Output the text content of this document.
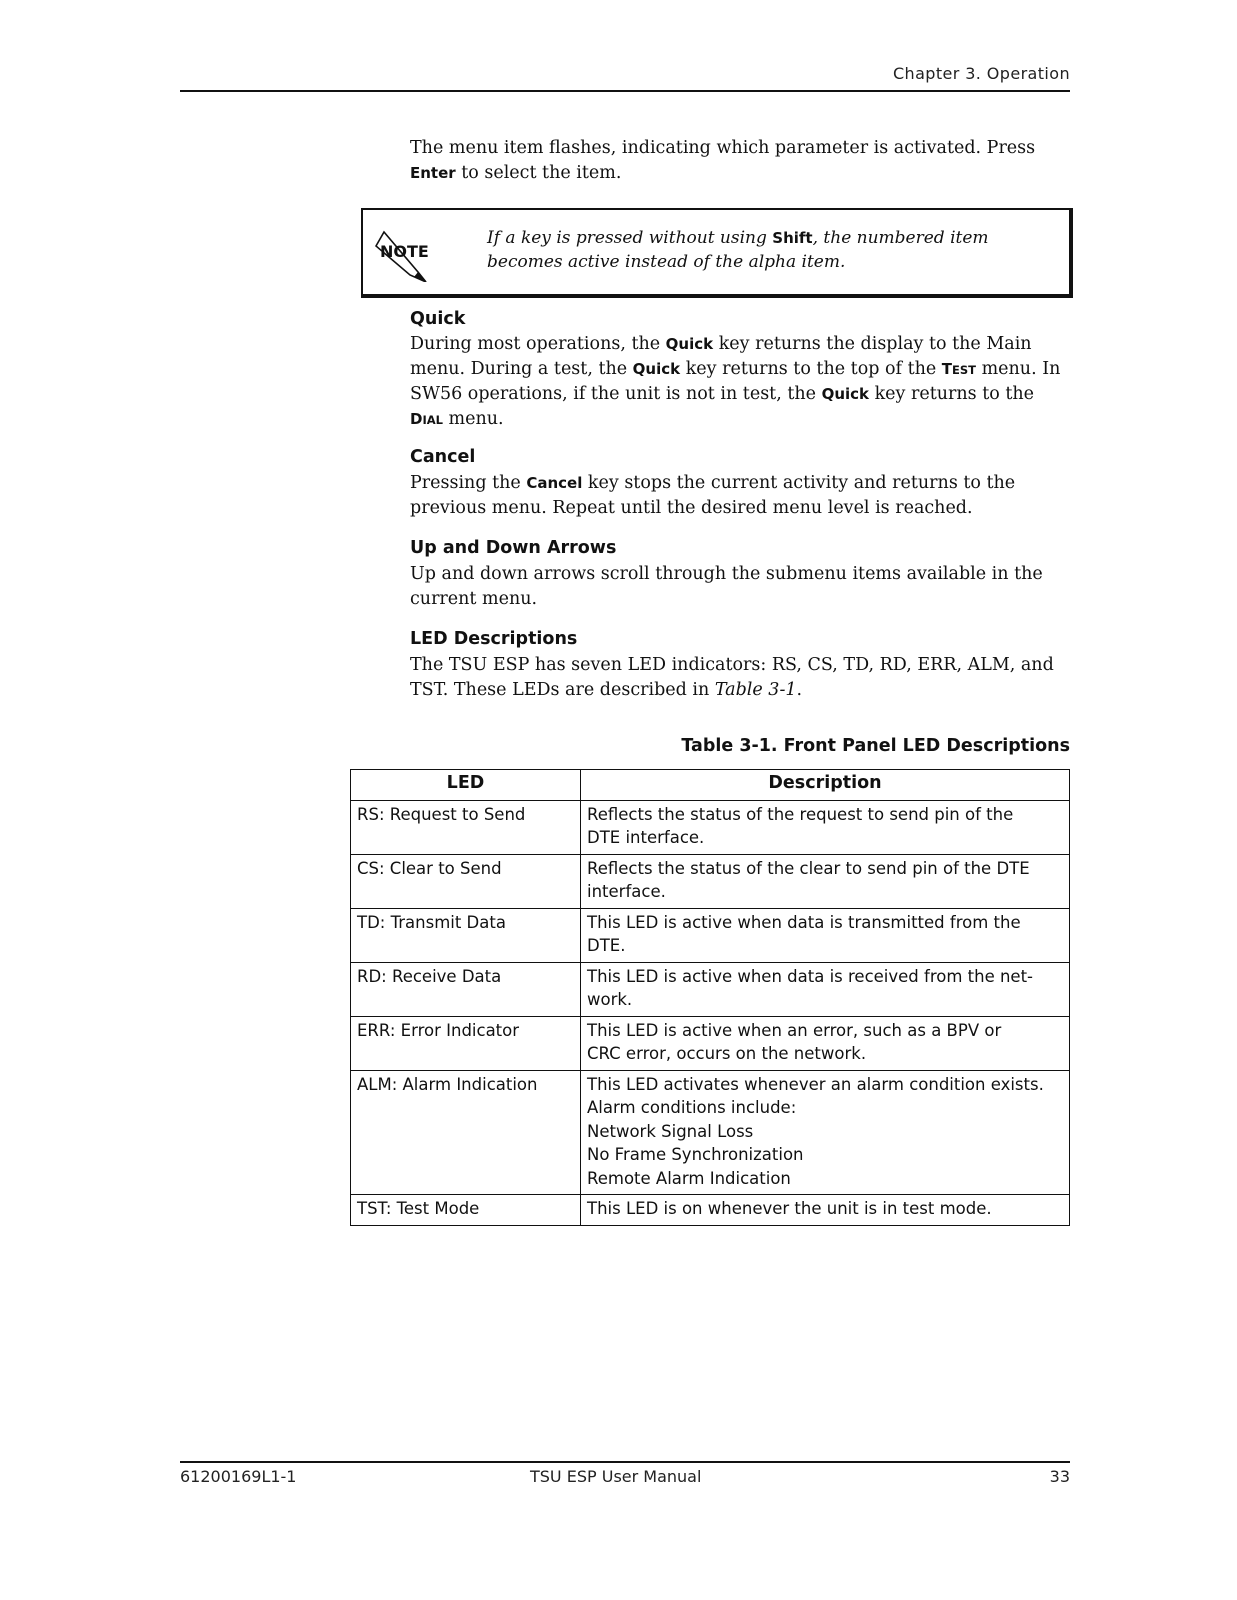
Chapter 3. Operation

The menu item flashes, indicating which parameter is activated. Press Enter to select the item.

NOTE
If a key is pressed without using Shift, the numbered item becomes active instead of the alpha item.
Quick

During most operations, the Quick key returns the display to the Main menu. During a test, the Quick key returns to the top of the TEST menu. In SW56 operations, if the unit is not in test, the Quick key returns to the DIAL menu.

Cancel

Pressing the Cancel key stops the current activity and returns to the previous menu. Repeat until the desired menu level is reached.

Up and Down Arrows

Up and down arrows scroll through the submenu items available in the current menu.

LED Descriptions

The TSU ESP has seven LED indicators: RS, CS, TD, RD, ERR, ALM, and TST. These LEDs are described in Table 3-1.

Table 3-1. Front Panel LED Descriptions
LED	Description
RS: Request to Send	Reflects the status of the request to send pin of the
DTE interface.

CS: Clear to Send	Reflects the status of the clear to send pin of the DTE
interface.

TD: Transmit Data	This LED is active when data is transmitted from the
DTE.

RD: Receive Data	This LED is active when data is received from the net-
work.

ERR: Error Indicator	This LED is active when an error, such as a BPV or
CRC error, occurs on the network.

ALM: Alarm Indication	This LED activates whenever an alarm condition exists.
Alarm conditions include:
Network Signal Loss
No Frame Synchronization
Remote Alarm Indication

TST: Test Mode	This LED is on whenever the unit is in test mode.
61200169L1-1	TSU ESP User Manual	33
